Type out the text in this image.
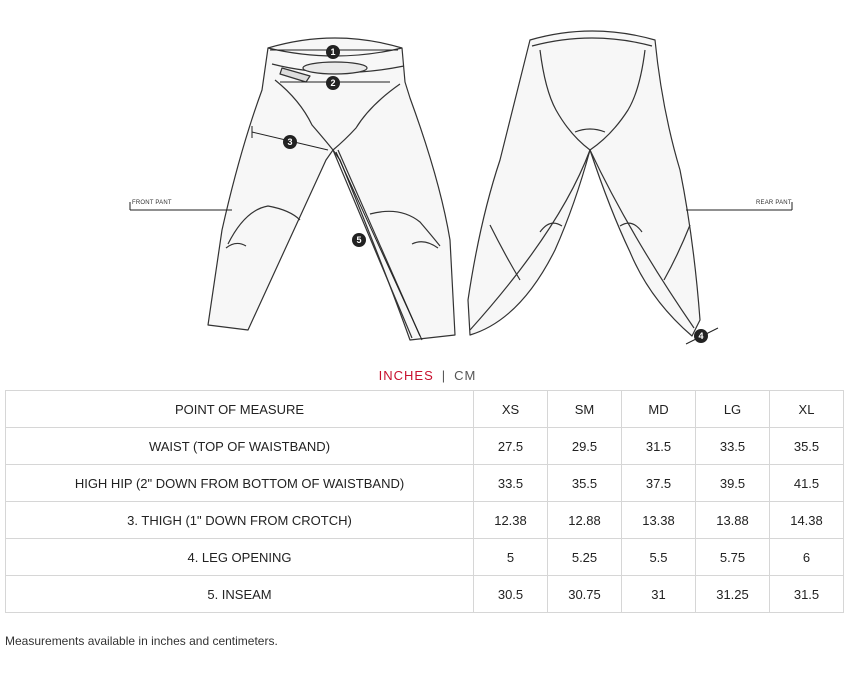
1
2
3
4
5
FRONT PANT	REAR PANT
INCHES | CM
POINT OF MEASURE	XS	SM	MD	LG	XL
WAIST (TOP OF WAISTBAND)	27.5	29.5	31.5	33.5	35.5
HIGH HIP (2" DOWN FROM BOTTOM OF WAISTBAND)	33.5	35.5	37.5	39.5	41.5
3. THIGH (1" DOWN FROM CROTCH)	12.38	12.88	13.38	13.88	14.38
4. LEG OPENING	5	5.25	5.5	5.75	6
5. INSEAM	30.5	30.75	31	31.25	31.5
Measurements available in inches and centimeters.
